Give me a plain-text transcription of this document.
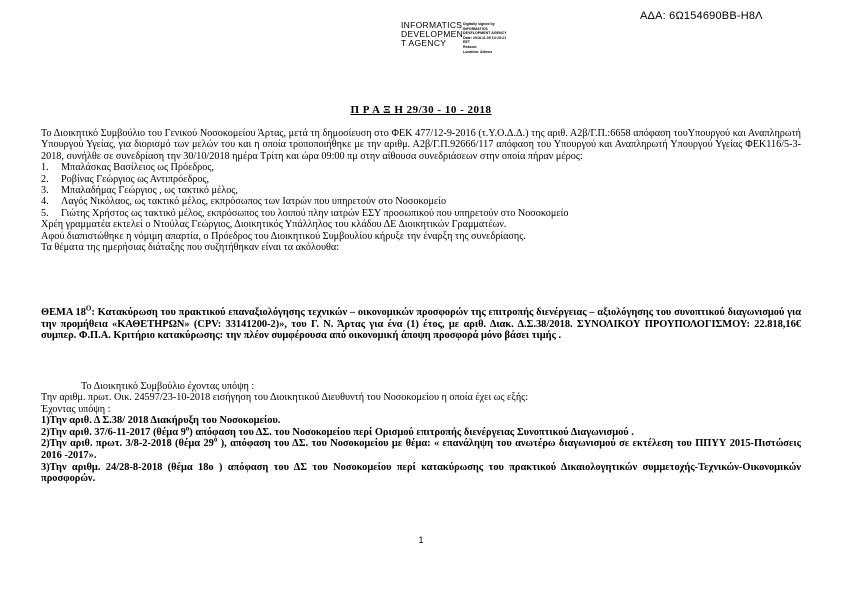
ΑΔΑ: 6Ω154690ΒΒ-Η8Λ
INFORMATICS
DEVELOPMEN
T AGENCY
Digitally signed by
INFORMATICS
DEVELOPMENT AGENCY
Date: 2018.11.09 13:15:21
EET
Reason:
Location: Athens
Π Ρ Α Ξ Η 29/30 - 10 - 2018

Το Διοικητικό Συμβούλιο του Γενικού Νοσοκομείου Άρτας, μετά τη δημοσίευση στο ΦΕΚ 477/12-9-2016 (τ.Υ.Ο.Δ.Δ.) της αριθ. Α2β/Γ.Π.:6658 απόφαση τουΥπουργού και Αναπληρωτή Υπουργού Υγείας, για διορισμό των μελών του και η οποία τροποποιήθηκε με την αριθμ. Α2β/Γ.Π.92666/117 απόφαση του Υπουργού και Αναπληρωτή Υπουργού Υγείας ΦΕΚ116/5-3-2018, συνήλθε σε συνεδρίαση την 30/10/2018 ημέρα Τρίτη και ώρα 09:00 πμ στην αίθουσα συνεδριάσεων στην οποία πήραν μέρος:

1.	Μπαλάσκας Βασίλειος ως Πρόεδρος,
2.	Ροβίνας Γεώργιος ως Αντιπρόεδρος,
3.	Μπαλαδήμας Γεώργιος , ως τακτικό μέλος,
4.	Λαγός Νικόλαος, ως τακτικό μέλος, εκπρόσωπος των Ιατρών που υπηρετούν στο Νοσοκομείο
5.	Γιώτης Χρήστος ως τακτικό μέλος, εκπρόσωπος του λοιπού πλην ιατρών ΕΣΥ προσωπικού που υπηρετούν στο Νοσοκομείο
Χρέη γραμματέα εκτελεί ο Ντούλας Γεώργιος, Διοικητικός Υπάλληλος του κλάδου ΔΕ Διοικητικών Γραμματέων.
Αφού διαπιστώθηκε η νόμιμη απαρτία, ο Πρόεδρος του Διοικητικού Συμβουλίου κήρυξε την έναρξη της συνεδρίασης.
Τα θέματα της ημερήσιας διάταξης που συζητήθηκαν είναι τα ακόλουθα:

ΘΕΜΑ $18^O$: Κατακύρωση του πρακτικού επαναξιολόγησης τεχνικών – οικονομικών προσφορών της επιτροπής διενέργειας – αξιολόγησης του συνοπτικού διαγωνισμού για την προμήθεια «ΚΑΘΕΤΗΡΩΝ» (CPV: 33141200-2)», του Γ. Ν. Άρτας για ένα (1) έτος, με αριθ. Διακ. Δ.Σ.38/2018. ΣΥΝΟΛΙΚΟΥ ΠΡΟΥΠΟΛΟΓΙΣΜΟΥ: 22.818,16€ συμπερ. Φ.Π.Α. Κριτήριο κατακύρωσης: την πλέον συμφέρουσα από οικονομική άποψη προσφορά μόνο βάσει τιμής .

Το Διοικητικό Συμβούλιο έχοντας υπόψη :
Την αριθμ. πρωτ. Οικ. 24597/23-10-2018 εισήγηση του Διοικητικού Διευθυντή του Νοσοκομείου η οποία έχει ως εξής:
Έχοντας υπόψη :
1)Την αριθ. Δ Σ.38/ 2018 Διακήρυξη του Νοσοκομείου.
2)Την αριθ. 37/6-11-2017 (θέμα $9^o$) απόφαση του ΔΣ. του Νοσοκομείου περί Ορισμού επιτροπής διενέργειας Συνοπτικού Διαγωνισμού .
2)Την αριθ. πρωτ. 3/8-2-2018 (θέμα $29^o$ ), απόφαση του ΔΣ. του Νοσοκομείου με θέμα: « επανάληψη του ανωτέρω διαγωνισμού σε εκτέλεση του ΠΠΥΥ 2015-Πιστώσεις 2016 -2017».
3)Την αριθμ. 24/28-8-2018 (θέμα 18ο ) απόφαση του ΔΣ του Νοσοκομείου περί κατακύρωσης του πρακτικού Δικαιολογητικών συμμετοχής-Τεχνικών-Οικονομικών προσφορών.
1
